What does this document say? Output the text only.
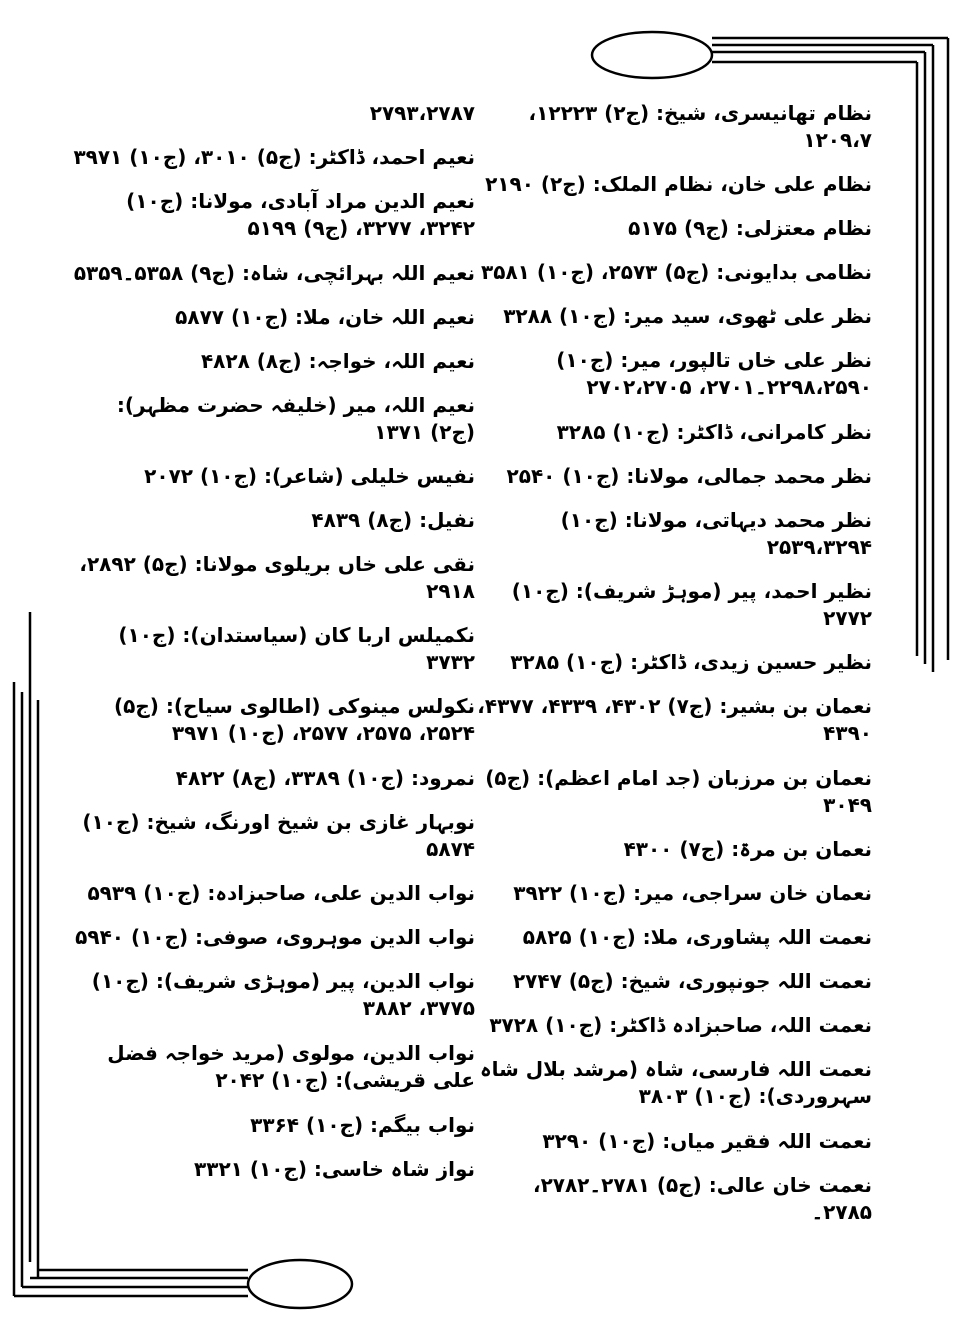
نظام تھانیسری، شیخ: (ج۲) ۱۲۲۲۳، ۱۲۰۹،۷

نظام علی خان، نظام الملک: (ج۲) ۲۱۹۰

نظام معتزلی: (ج۹) ۵۱۷۵

نظامی بدایونی: (ج۵) ۲۵۷۳، (ج۱۰) ۳۵۸۱

نظر علی ٹھوی، سید میر: (ج۱۰) ۳۲۸۸

نظر علی خاں تالپور، میر: (ج۱۰) ۲۲۹۸،۲۵۹۰۔۲۷۰۱، ۲۷۰۲،۲۷۰۵

نظر کامرانی، ڈاکٹر: (ج۱۰) ۳۲۸۵

نظر محمد جمالی، مولانا: (ج۱۰) ۲۵۴۰

نظر محمد دیہاتی، مولانا: (ج۱۰) ۲۵۳۹،۳۲۹۴

نظیر احمد، پیر (موہڑ شریف): (ج۱۰) ۲۷۷۲

نظیر حسین زیدی، ڈاکٹر: (ج۱۰) ۳۲۸۵

نعمان بن بشیر: (ج۷) ۴۳۰۲، ۴۳۳۹، ۴۳۷۷، ۴۳۹۰

نعمان بن مرزبان (جد امام اعظم): (ج۵) ۳۰۴۹

نعمان بن مرۃ: (ج۷) ۴۳۰۰

نعمان خان سراجی، میر: (ج۱۰) ۳۹۲۲

نعمت اللہ پشاوری، ملا: (ج۱۰) ۵۸۲۵

نعمت اللہ جونپوری، شیخ: (ج۵) ۲۷۴۷

نعمت اللہ، صاحبزادہ ڈاکٹر: (ج۱۰) ۳۷۲۸

نعمت اللہ فارسی، شاہ (مرشد بلال شاہ سہروردی): (ج۱۰) ۳۸۰۳

نعمت اللہ فقیر میاں: (ج۱۰) ۳۲۹۰

نعمت خان عالی: (ج۵) ۲۷۸۱۔۲۷۸۲، ۲۷۸۵۔

۲۷۹۳،۲۷۸۷

نعیم احمد، ڈاکٹر: (ج۵) ۳۰۱۰، (ج۱۰) ۳۹۷۱

نعیم الدین مراد آبادی، مولانا: (ج۱۰) ۳۲۴۲، ۳۲۷۷، (ج۹) ۵۱۹۹

نعیم اللہ بہرائچی، شاہ: (ج۹) ۵۳۵۸۔۵۳۵۹

نعیم اللہ خان، ملا: (ج۱۰) ۵۸۷۷

نعیم اللہ، خواجہ: (ج۸) ۴۸۲۸

نعیم اللہ، میر (خلیفہ حضرت مظہر): (ج۲) ۱۳۷۱

نفیس خلیلی (شاعر): (ج۱۰) ۲۰۷۲

نفیل: (ج۸) ۴۸۳۹

نقی علی خاں بریلوی مولانا: (ج۵) ۲۸۹۲، ۲۹۱۸

نکمیلس اربا کان (سیاستدان): (ج۱۰) ۳۷۳۲

نکولس مینوکی (اطالوی سیاح): (ج۵) ۲۵۲۴، ۲۵۷۵، ۲۵۷۷، (ج۱۰) ۳۹۷۱

نمرود: (ج۱۰) ۳۳۸۹، (ج۸) ۴۸۲۲

نوبہار غازی بن شیخ اورنگ، شیخ: (ج۱۰) ۵۸۷۴

نواب الدین علی، صاحبزادہ: (ج۱۰) ۵۹۳۹

نواب الدین موہروی، صوفی: (ج۱۰) ۵۹۴۰

نواب الدین، پیر (موہڑی شریف): (ج۱۰) ۳۷۷۵، ۳۸۸۲

نواب الدین، مولوی (مرید خواجہ فضل علی قریشی): (ج۱۰) ۲۰۴۲

نواب بیگم: (ج۱۰) ۳۳۶۴

نواز شاہ خاسی: (ج۱۰) ۳۳۲۱
